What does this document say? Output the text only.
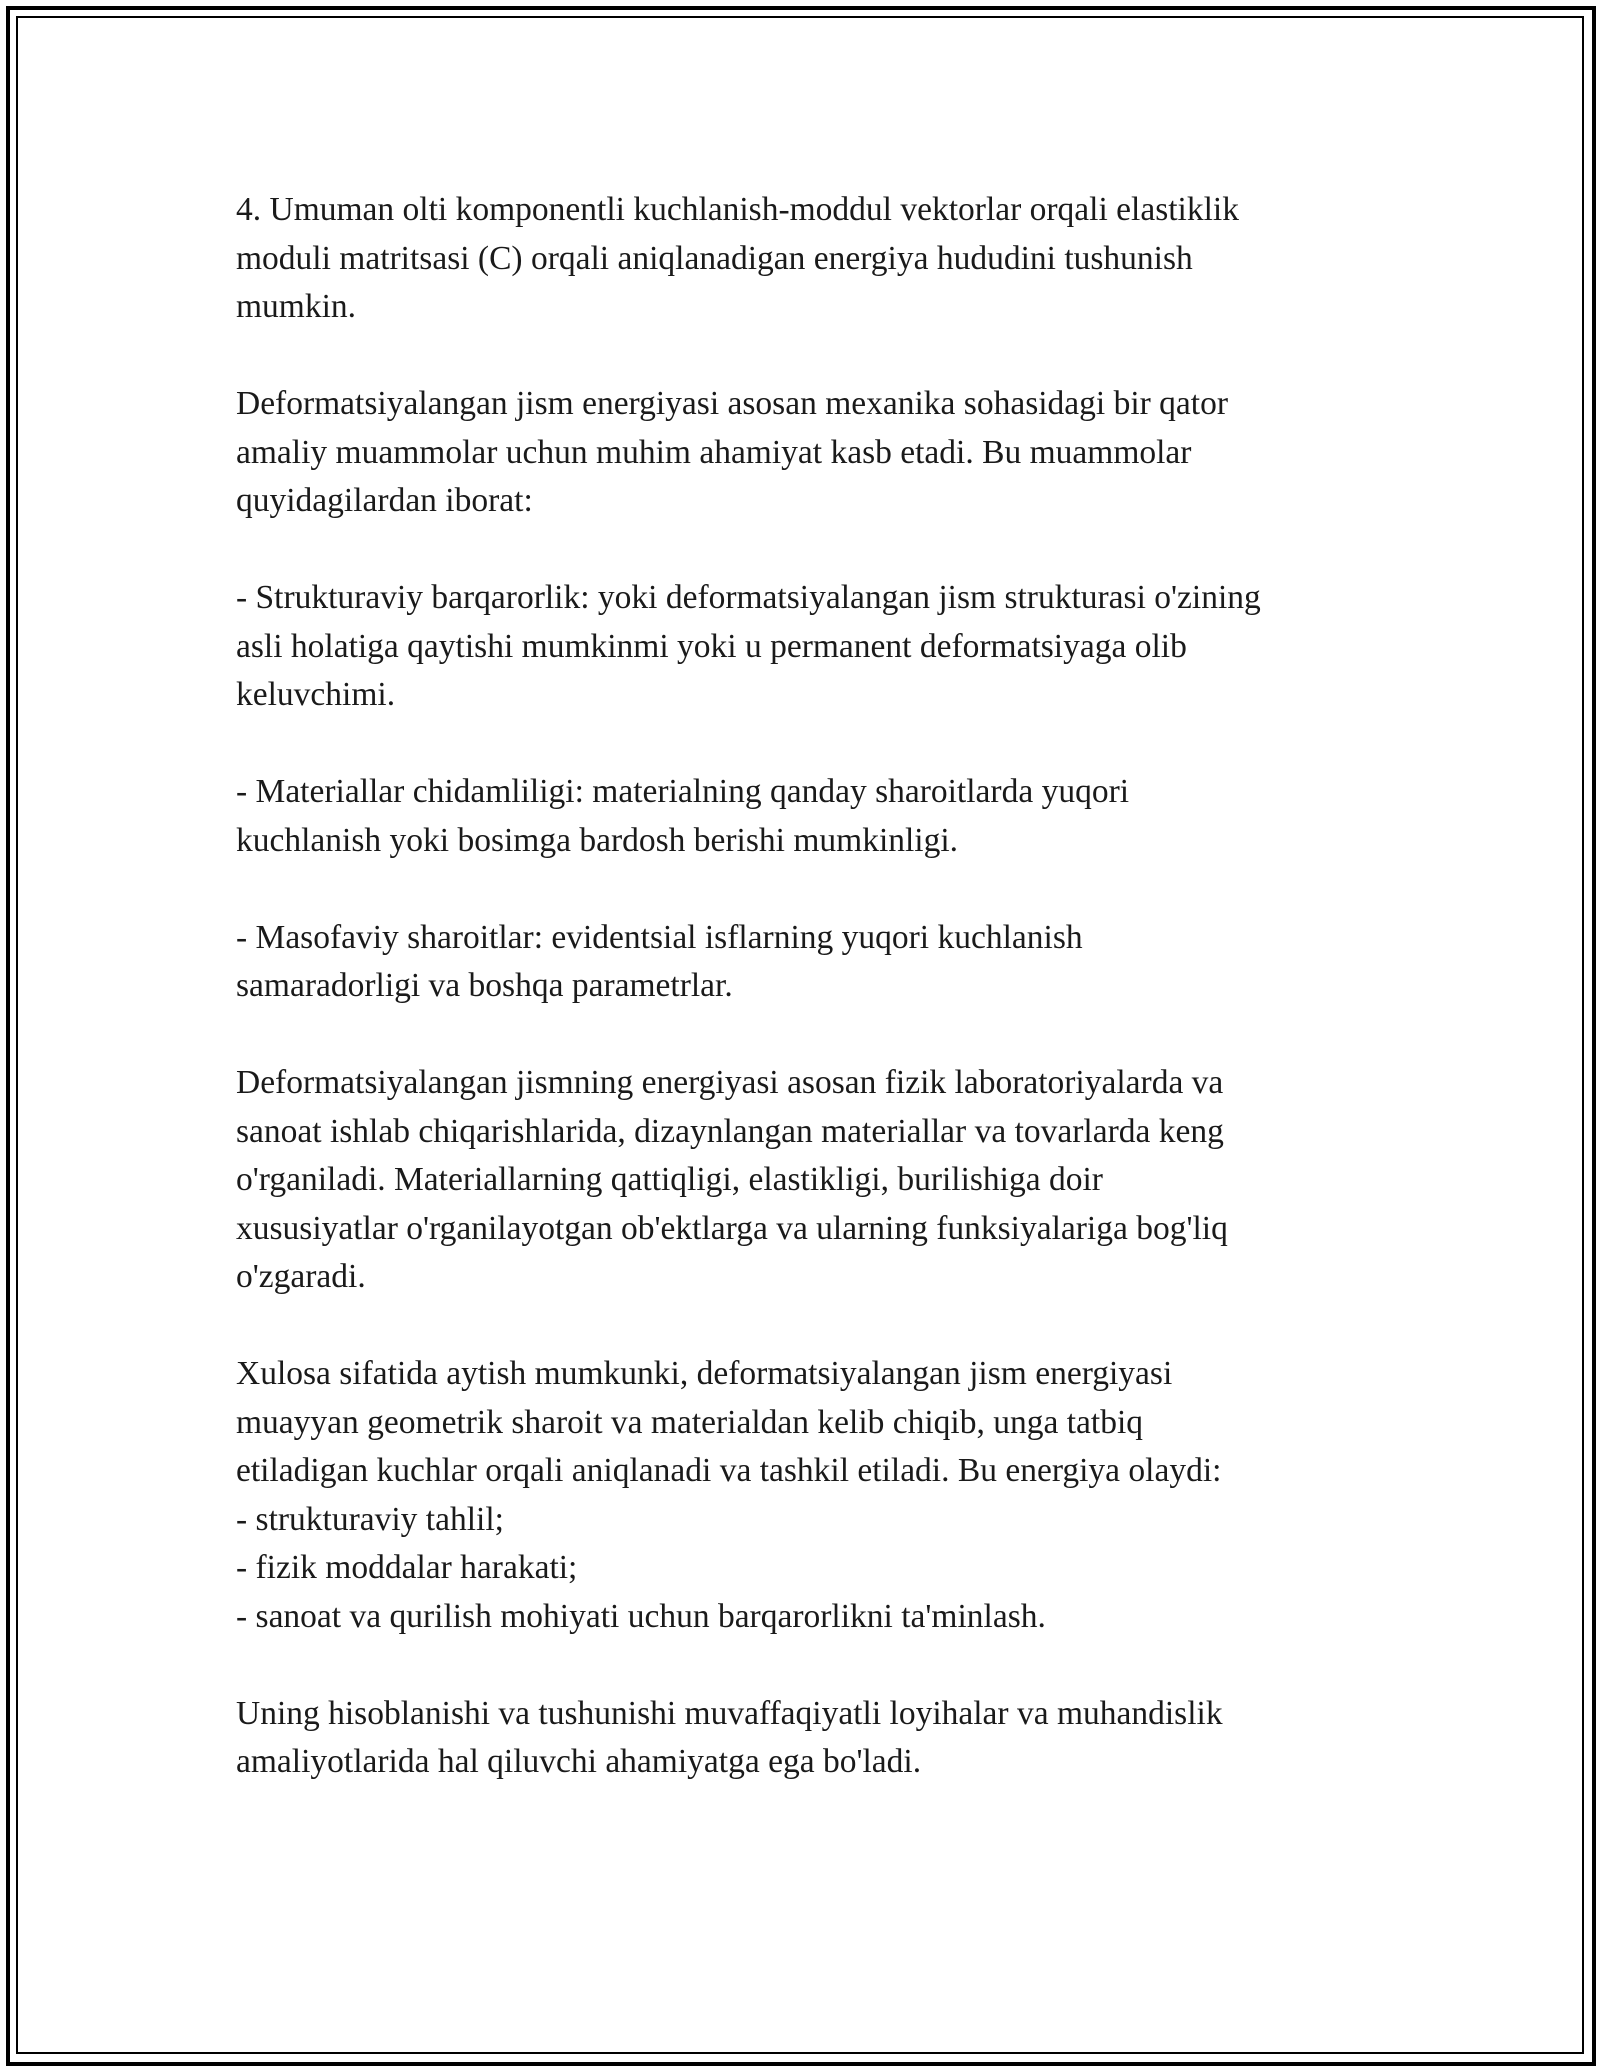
4. Umuman olti komponentli kuchlanish-moddul vektorlar orqali elastiklik
moduli matritsasi (C) orqali aniqlanadigan energiya hududini tushunish
mumkin.

Deformatsiyalangan jism energiyasi asosan mexanika sohasidagi bir qator
amaliy muammolar uchun muhim ahamiyat kasb etadi. Bu muammolar
quyidagilardan iborat:

- Strukturaviy barqarorlik: yoki deformatsiyalangan jism strukturasi o'zining
asli holatiga qaytishi mumkinmi yoki u permanent deformatsiyaga olib
keluvchimi.

- Materiallar chidamliligi: materialning qanday sharoitlarda yuqori
kuchlanish yoki bosimga bardosh berishi mumkinligi.

- Masofaviy sharoitlar: evidentsial isflarning yuqori kuchlanish
samaradorligi va boshqa parametrlar.

Deformatsiyalangan jismning energiyasi asosan fizik laboratoriyalarda va
sanoat ishlab chiqarishlarida, dizaynlangan materiallar va tovarlarda keng
o'rganiladi. Materiallarning qattiqligi, elastikligi, burilishiga doir
xususiyatlar o'rganilayotgan ob'ektlarga va ularning funksiyalariga bog'liq
o'zgaradi.

Xulosa sifatida aytish mumkunki, deformatsiyalangan jism energiyasi
muayyan geometrik sharoit va materialdan kelib chiqib, unga tatbiq
etiladigan kuchlar orqali aniqlanadi va tashkil etiladi. Bu energiya olaydi:
- strukturaviy tahlil;
- fizik moddalar harakati;
- sanoat va qurilish mohiyati uchun barqarorlikni ta'minlash.

Uning hisoblanishi va tushunishi muvaffaqiyatli loyihalar va muhandislik
amaliyotlarida hal qiluvchi ahamiyatga ega bo'ladi.
